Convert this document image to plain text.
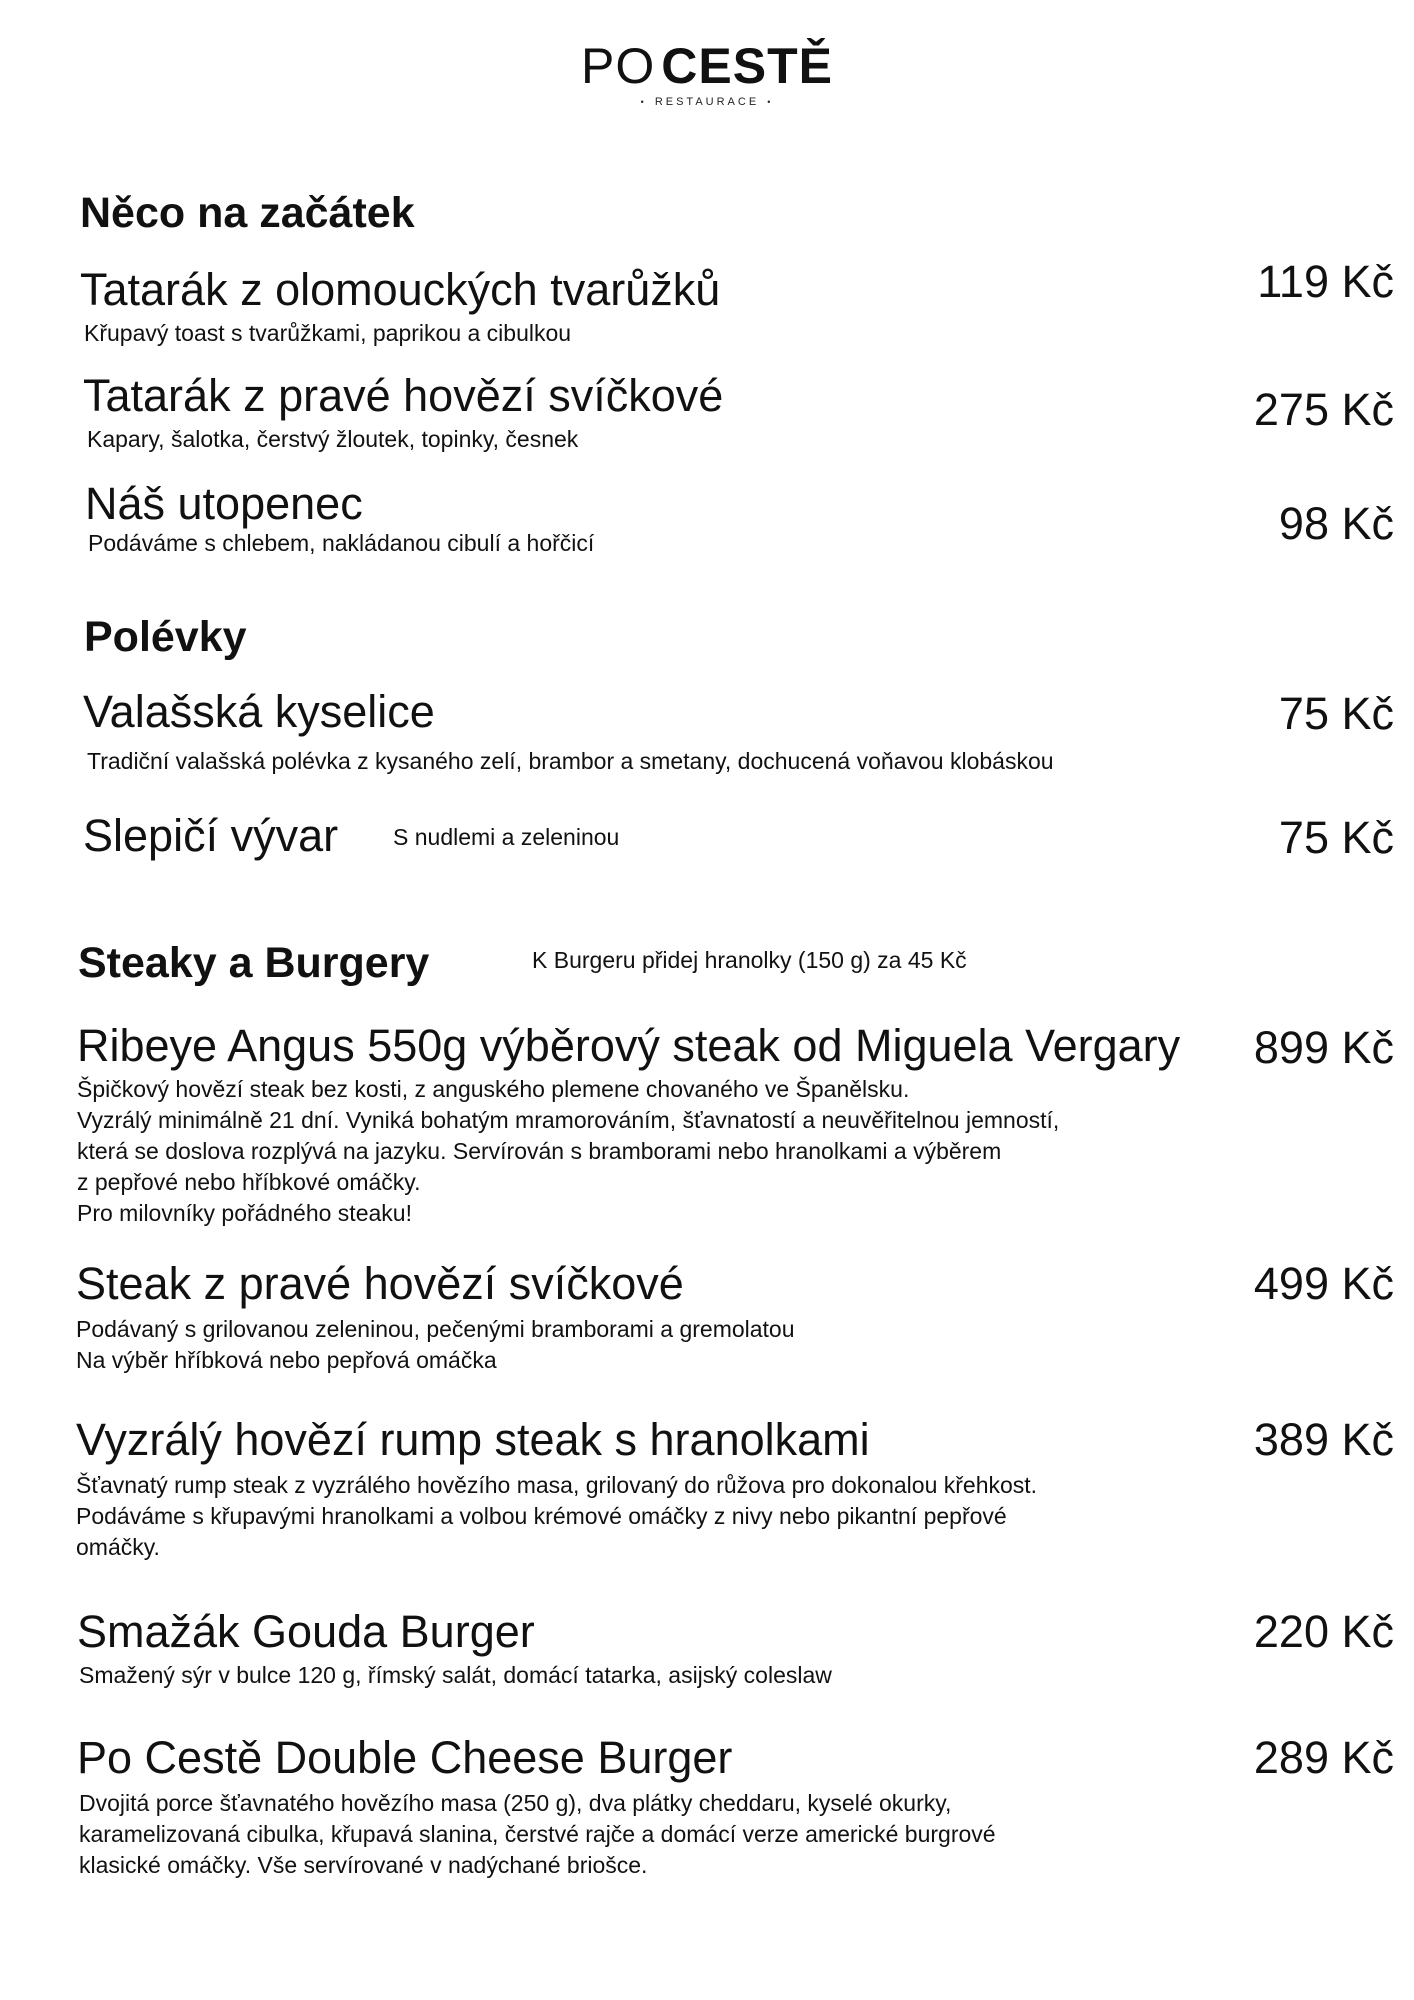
PO CESTĚ
• RESTAURACE •
Něco na začátek
Tatarák z olomouckých tvarůžků	119 Kč
Křupavý toast s tvarůžkami, paprikou a cibulkou
Tatarák z pravé hovězí svíčkové	275 Kč
Kapary, šalotka, čerstvý žloutek, topinky, česnek
Náš utopenec	98 Kč
Podáváme s chlebem, nakládanou cibulí a hořčicí
Polévky
Valašská kyselice	75 Kč
Tradiční valašská polévka z kysaného zelí, brambor a smetany, dochucená voňavou klobáskou
Slepičí vývar S nudlemi a zeleninou	75 Kč
Steaky a Burgery	K Burgeru přidej hranolky (150 g) za 45 Kč
Ribeye Angus 550g výběrový steak od Miguela Vergary 899 Kč
Špičkový hovězí steak bez kosti, z anguského plemene chovaného ve Španělsku.
Vyzrálý minimálně 21 dní. Vyniká bohatým mramorováním, šťavnatostí a neuvěřitelnou jemností,
která se doslova rozplývá na jazyku. Servírován s bramborami nebo hranolkami a výběrem
z pepřové nebo hříbkové omáčky.
Pro milovníky pořádného steaku!
Steak z pravé hovězí svíčkové	499 Kč
Podávaný s grilovanou zeleninou, pečenými bramborami a gremolatou
Na výběr hříbková nebo pepřová omáčka
Vyzrálý hovězí rump steak s hranolkami	389 Kč
Šťavnatý rump steak z vyzrálého hovězího masa, grilovaný do růžova pro dokonalou křehkost.
Podáváme s křupavými hranolkami a volbou krémové omáčky z nivy nebo pikantní pepřové
omáčky.
Smažák Gouda Burger	220 Kč
Smažený sýr v bulce 120 g, římský salát, domácí tatarka, asijský coleslaw
Po Cestě Double Cheese Burger	289 Kč
Dvojitá porce šťavnatého hovězího masa (250 g), dva plátky cheddaru, kyselé okurky,
karamelizovaná cibulka, křupavá slanina, čerstvé rajče a domácí verze americké burgrové
klasické omáčky. Vše servírované v nadýchané briošce.
